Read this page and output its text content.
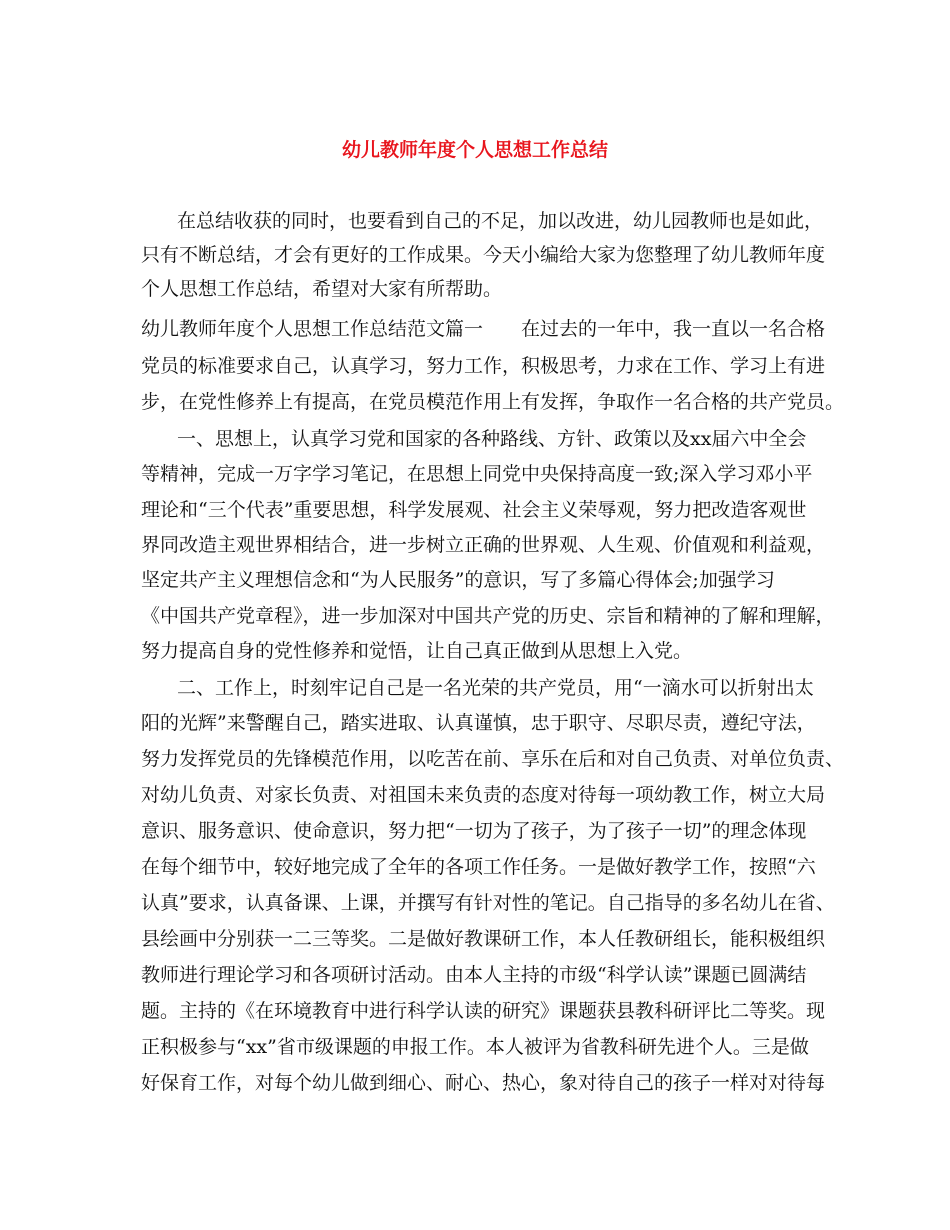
幼儿教师年度个人思想工作总结
在总结收获的同时，也要看到自己的不足，加以改进，幼儿园教师也是如此，
只有不断总结，才会有更好的工作成果。今天小编给大家为您整理了幼儿教师年度
个人思想工作总结，希望对大家有所帮助。
幼儿教师年度个人思想工作总结范文篇一　　在过去的一年中，我一直以一名合格
党员的标准要求自己，认真学习，努力工作，积极思考，力求在工作、学习上有进
步，在党性修养上有提高，在党员模范作用上有发挥，争取作一名合格的共产党员。
一、思想上，认真学习党和国家的各种路线、方针、政策以及xx届六中全会
等精神，完成一万字学习笔记，在思想上同党中央保持高度一致;深入学习邓小平
理论和“三个代表”重要思想，科学发展观、社会主义荣辱观，努力把改造客观世
界同改造主观世界相结合，进一步树立正确的世界观、人生观、价值观和利益观，
坚定共产主义理想信念和“为人民服务”的意识，写了多篇心得体会;加强学习
《中国共产党章程》，进一步加深对中国共产党的历史、宗旨和精神的了解和理解，
努力提高自身的党性修养和觉悟，让自己真正做到从思想上入党。
二、工作上，时刻牢记自己是一名光荣的共产党员，用“一滴水可以折射出太
阳的光辉”来警醒自己，踏实进取、认真谨慎，忠于职守、尽职尽责，遵纪守法，
努力发挥党员的先锋模范作用，以吃苦在前、享乐在后和对自己负责、对单位负责、
对幼儿负责、对家长负责、对祖国未来负责的态度对待每一项幼教工作，树立大局
意识、服务意识、使命意识，努力把“一切为了孩子，为了孩子一切”的理念体现
在每个细节中，较好地完成了全年的各项工作任务。一是做好教学工作，按照“六
认真”要求，认真备课、上课，并撰写有针对性的笔记。自己指导的多名幼儿在省、
县绘画中分别获一二三等奖。二是做好教课研工作，本人任教研组长，能积极组织
教师进行理论学习和各项研讨活动。由本人主持的市级“科学认读”课题已圆满结
题。主持的《在环境教育中进行科学认读的研究》课题获县教科研评比二等奖。现
正积极参与“xx”省市级课题的申报工作。本人被评为省教科研先进个人。三是做
好保育工作，对每个幼儿做到细心、耐心、热心，象对待自己的孩子一样对对待每
